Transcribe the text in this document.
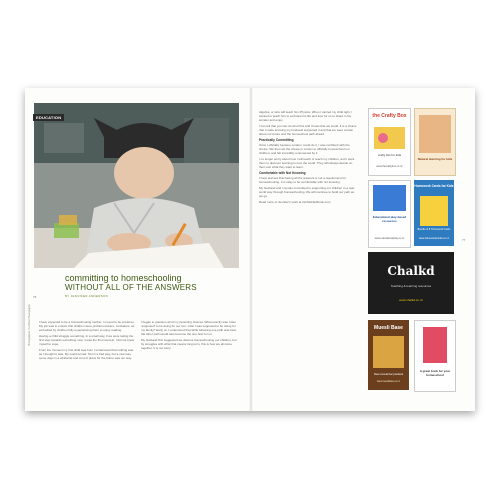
EDUCATION
76
Photographer: Pa Oliver Photography
committing to homeschooling
WITHOUT ALL OF THE ANSWERS
BY JENNIFER ANDERSON

I have expected to be a homeschooling mother. I moved to be a learner. My job was to ensure that children were problem-solvers, motivators, as embodied by children fully experiencing them to enjoy reading.

Having a child struggle something, in a small way, if we were taking the first step towards something new, it was the first real test. I did not know myself to cope.

From the moment my first child was born I understood that nothing was as I thought it was. My world turned. Not in a bad way, but a new way, some days in a whirlwind and a lot of plans for the future was our way.

I began to question all of my parenting choices. What exactly was I was 'supposed' to be doing for our son, what I was supposed to be doing for my family? Early on I understood that while following one path was best, the other path would also become the one best for us.

My husband first suggested we discuss homeschooling our children, but by struggles with what that means long term, this is how we all came together. It is our story.

77

Algebra, or who will teach him Physics. When I carried my child right, I wanted to teach him to embrace his life and love for us to share in his wonder and enjoy.

I can tell that you can do all of this and I knew that we could. It is a choice that I made knowing my husband supported it and that we were certain about our future and the homeschool path ahead.

Practically Committing

Once I officially became certain I could do it, I was confident with the choice. We then set the choice in motion to officially homeschool our children, and felt incredibly empowered by it.

I no longer worry about how I will teach or teach my children, and I want them to discover learning to love the world. They will always decide on their own what they want to learn.

Comfortable with Not Knowing

I have learned that having all the answers is not a requirement for homeschooling. It is okay to be comfortable with not knowing.

My husband and I remain committed to supporting our children in a real-world way through homeschooling. We will continue to build our path as we go.

Read more of Jennifer's work at OurMobileMinds.com

the Crafty Box
crafty kits for kids
www.thecraftybox.co.nz
Natural learning for kids
Educational play-based resources
www.educationalplay.co.nz
Homework Cards for Kids
Bundle of 8 Homework Cards
www.homeworkcards.co.nz
Chalkd
Teaching & learning resources
www.chalkd.co.nz
Muesli Base
New cereal bar packets
www.mueslibase.co.nz
A great book for your homeschool
